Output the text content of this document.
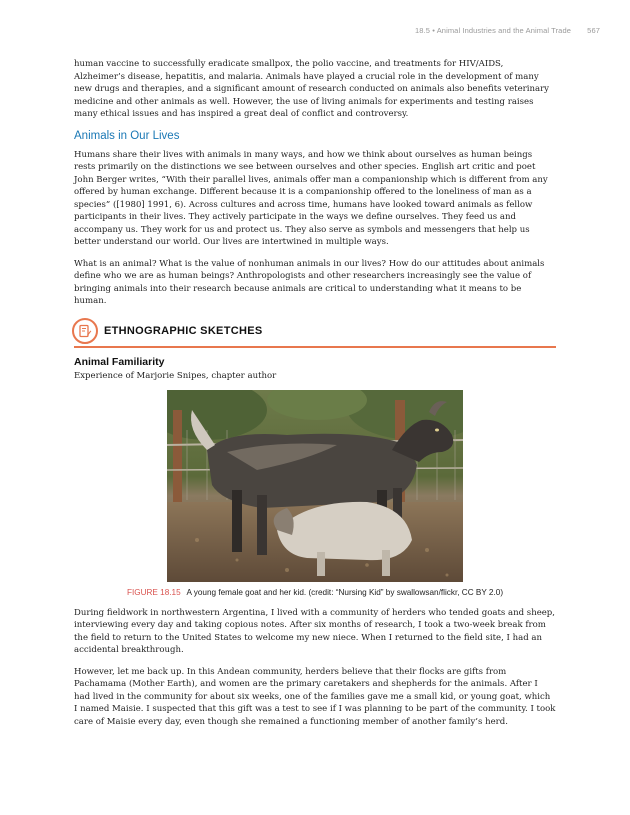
18.5 • Animal Industries and the Animal Trade 567

human vaccine to successfully eradicate smallpox, the polio vaccine, and treatments for HIV/AIDS, Alzheimer’s disease, hepatitis, and malaria. Animals have played a crucial role in the development of many new drugs and therapies, and a significant amount of research conducted on animals also benefits veterinary medicine and other animals as well. However, the use of living animals for experiments and testing raises many ethical issues and has inspired a great deal of conflict and controversy.

Animals in Our Lives

Humans share their lives with animals in many ways, and how we think about ourselves as human beings rests primarily on the distinctions we see between ourselves and other species. English art critic and poet John Berger writes, “With their parallel lives, animals offer man a companionship which is different from any offered by human exchange. Different because it is a companionship offered to the loneliness of man as a species” ([1980] 1991, 6). Across cultures and across time, humans have looked toward animals as fellow participants in their lives. They actively participate in the ways we define ourselves. They feed us and accompany us. They work for us and protect us. They also serve as symbols and messengers that help us better understand our world. Our lives are intertwined in multiple ways.

What is an animal? What is the value of nonhuman animals in our lives? How do our attitudes about animals define who we are as human beings? Anthropologists and other researchers increasingly see the value of bringing animals into their research because animals are critical to understanding what it means to be human.

ETHNOGRAPHIC SKETCHES
Animal Familiarity
Experience of Marjorie Snipes, chapter author
FIGURE 18.15 A young female goat and her kid. (credit: “Nursing Kid” by swallowsan/flickr, CC BY 2.0)

During fieldwork in northwestern Argentina, I lived with a community of herders who tended goats and sheep, interviewing every day and taking copious notes. After six months of research, I took a two-week break from the field to return to the United States to welcome my new niece. When I returned to the field site, I had an accidental breakthrough.

However, let me back up. In this Andean community, herders believe that their flocks are gifts from Pachamama (Mother Earth), and women are the primary caretakers and shepherds for the animals. After I had lived in the community for about six weeks, one of the families gave me a small kid, or young goat, which I named Maisie. I suspected that this gift was a test to see if I was planning to be part of the community. I took care of Maisie every day, even though she remained a functioning member of another family’s herd.
